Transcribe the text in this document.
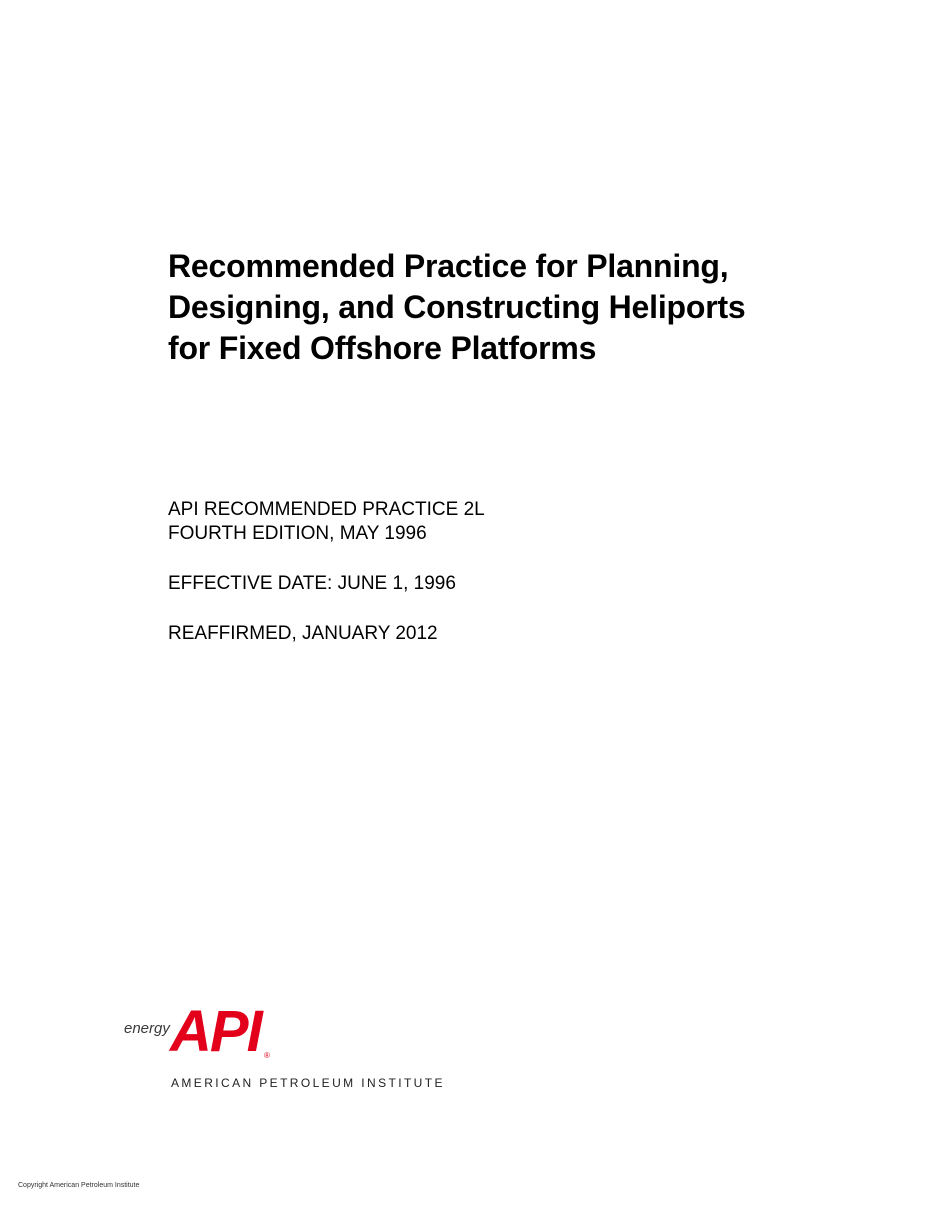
Recommended Practice for Planning,
Designing, and Constructing Heliports
for Fixed Offshore Platforms
API RECOMMENDED PRACTICE 2L
FOURTH EDITION, MAY 1996
EFFECTIVE DATE: JUNE 1, 1996
REAFFIRMED, JANUARY 2012
energy API ®
AMERICAN PETROLEUM INSTITUTE
Copyright American Petroleum Institute
